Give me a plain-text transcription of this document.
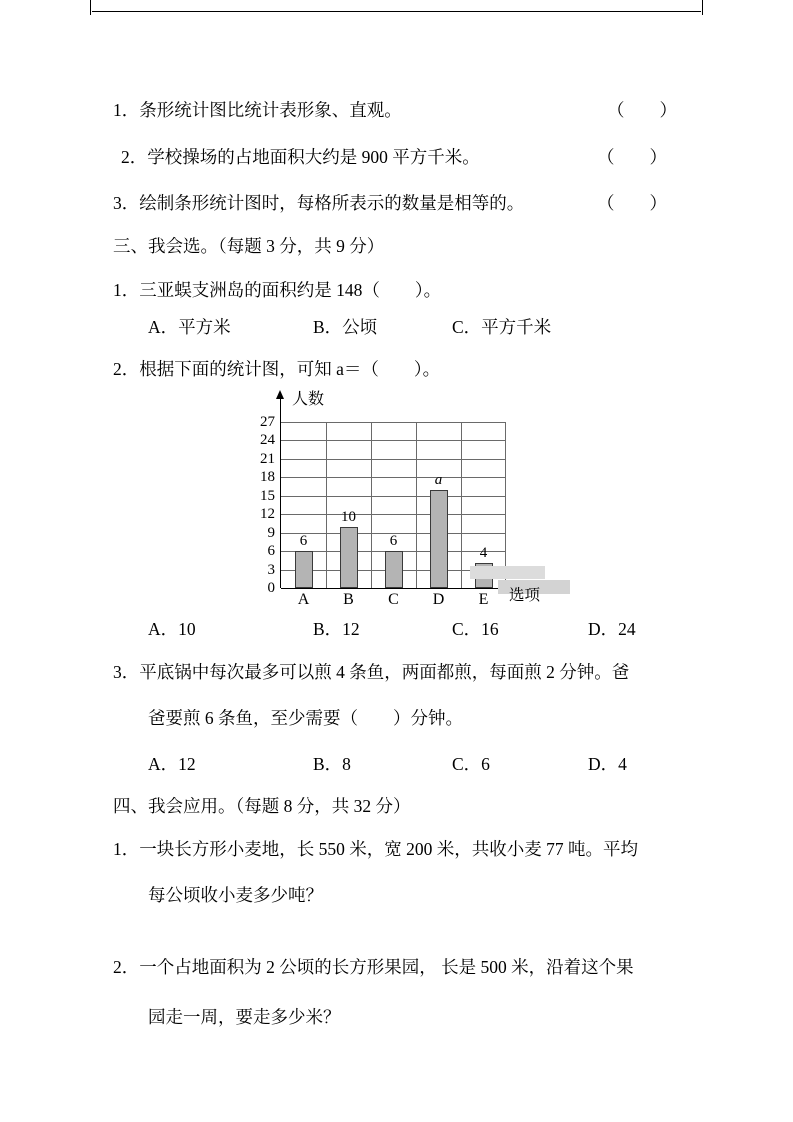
1．条形统计图比统计表形象、直观。	（　　）
2．学校操场的占地面积大约是 900 平方千米。	（　　）
3．绘制条形统计图时，每格所表示的数量是相等的。	（　　）
三、我会选。（每题 3 分，共 9 分）
1．三亚蜈支洲岛的面积约是 148（　　）。
A．平方米	B．公顷	C．平方千米
2．根据下面的统计图，可知 a＝（　　）。
人数
0
3
6
9
12
15
18
21
24
27
6
A
10
B
6
C
a
D
4
E	选项
A．10	B．12	C．16	D．24
3．平底锅中每次最多可以煎 4 条鱼，两面都煎，每面煎 2 分钟。爸
爸要煎 6 条鱼，至少需要（　　）分钟。
A．12	B．8	C．6	D．4
四、我会应用。（每题 8 分，共 32 分）
1．一块长方形小麦地，长 550 米，宽 200 米，共收小麦 77 吨。平均
每公顷收小麦多少吨？
2．一个占地面积为 2 公顷的长方形果园， 长是 500 米，沿着这个果
园走一周，要走多少米？
